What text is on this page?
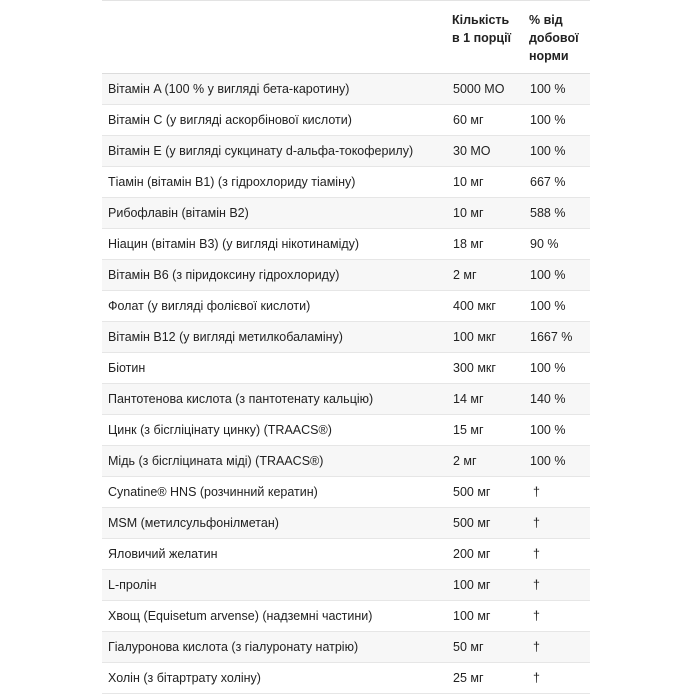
	Кількість в 1 порції	% від добової норми
Вітамін A (100 % у вигляді бета-каротину)	5000 МО	100 %
Вітамін C (у вигляді аскорбінової кислоти)	60 мг	100 %
Вітамін E (у вигляді сукцинату d-альфа-токоферилу)	30 МО	100 %
Тіамін (вітамін B1) (з гідрохлориду тіаміну)	10 мг	667 %
Рибофлавін (вітамін B2)	10 мг	588 %
Ніацин (вітамін B3) (у вигляді нікотинаміду)	18 мг	90 %
Вітамін B6 (з піридоксину гідрохлориду)	2 мг	100 %
Фолат (у вигляді фолієвої кислоти)	400 мкг	100 %
Вітамін B12 (у вигляді метилкобаламіну)	100 мкг	1667 %
Біотин	300 мкг	100 %
Пантотенова кислота (з пантотенату кальцію)	14 мг	140 %
Цинк (з бісгліцінату цинку) (TRAACS®)	15 мг	100 %
Мідь (з бісгліцината міді) (TRAACS®)	2 мг	100 %
Cynatine® HNS (розчинний кератин)	500 мг	†
MSM (метилсульфонілметан)	500 мг	†
Яловичий желатин	200 мг	†
L-пролін	100 мг	†
Хвощ (Equisetum arvense) (надземні частини)	100 мг	†
Гіалуронова кислота (з гіалуронату натрію)	50 мг	†
Холін (з бітартрату холіну)	25 мг	†
